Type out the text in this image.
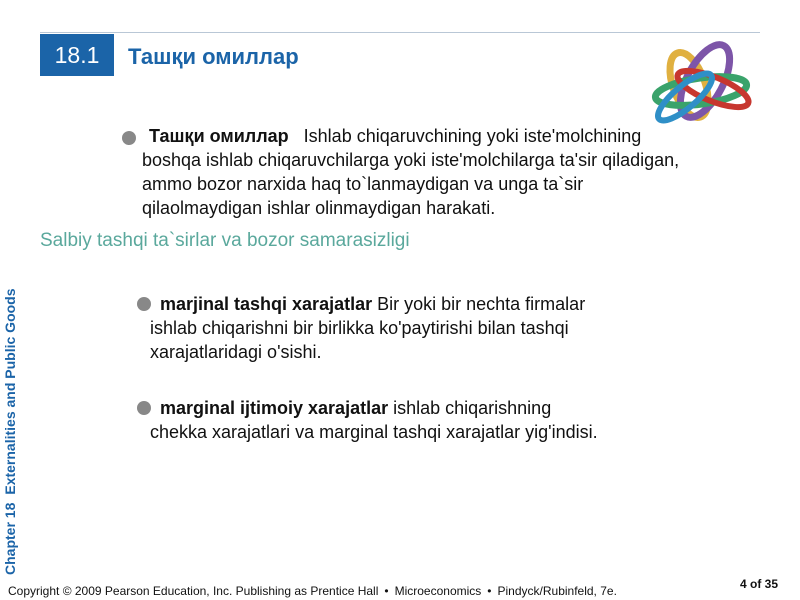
18.1	Ташқи омиллар
Chapter 18Externalities and Public Goods
Ташқи омиллар Ishlab chiqaruvchining yoki iste'molchining
boshqa ishlab chiqaruvchilarga yoki iste'molchilarga ta'sir qiladigan,
ammo bozor narxida haq to`lanmaydigan va unga ta`sir
qilaolmaydigan ishlar olinmaydigan harakati.
Salbiy tashqi ta`sirlar va bozor samarasizligi
marjinal tashqi xarajatlar Bir yoki bir nechta firmalar
ishlab chiqarishni bir birlikka ko'paytirishi bilan tashqi
xarajatlaridagi o'sishi.
marginal ijtimoiy xarajatlar ishlab chiqarishning
chekka xarajatlari va marginal tashqi xarajatlar yig'indisi.
Copyright © 2009 Pearson Education, Inc. Publishing as Prentice Hall • Microeconomics • Pindyck/Rubinfeld, 7e.	4 of 35
